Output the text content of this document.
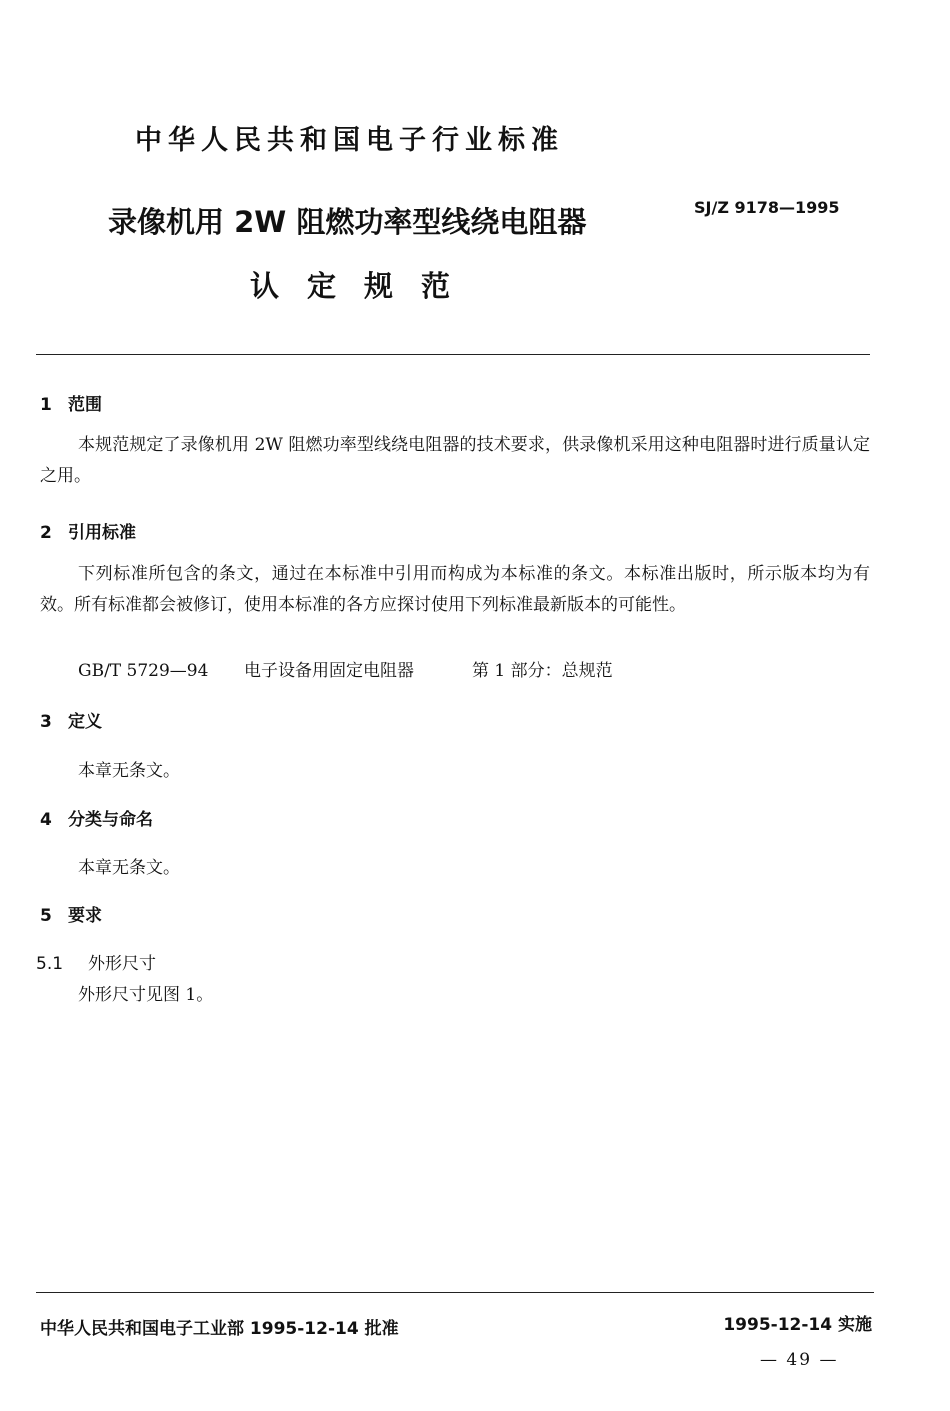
中华人民共和国电子行业标准
SJ/Z 9178—1995
录像机用 2W 阻燃功率型线绕电阻器
认定规范
1 范围

本规范规定了录像机用 2W 阻燃功率型线绕电阻器的技术要求，供录像机采用这种电阻器时进行质量认定之用。

2 引用标准

下列标准所包含的条文，通过在本标准中引用而构成为本标准的条文。本标准出版时，所示版本均为有效。所有标准都会被修订，使用本标准的各方应探讨使用下列标准最新版本的可能性。

GB/T 5729—94 电子设备用固定电阻器	第 1 部分：总规范
3 定义
本章无条文。
4 分类与命名
本章无条文。
5 要求
5.1 外形尺寸
外形尺寸见图 1。
中华人民共和国电子工业部 1995-12-14 批准	1995-12-14 实施
— 49 —
